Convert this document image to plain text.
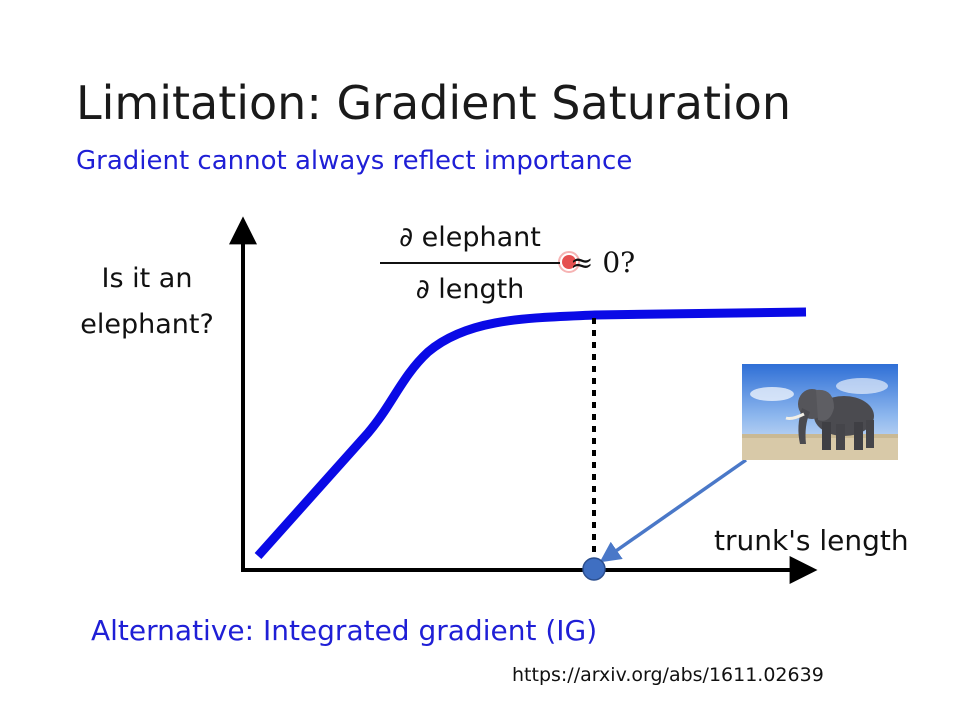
Limitation: Gradient Saturation
Gradient cannot always reflect importance
Is it an
elephant?
∂ elephant
∂ length
≈ 0?
trunk's length
Alternative: Integrated gradient (IG)
https://arxiv.org/abs/1611.02639
